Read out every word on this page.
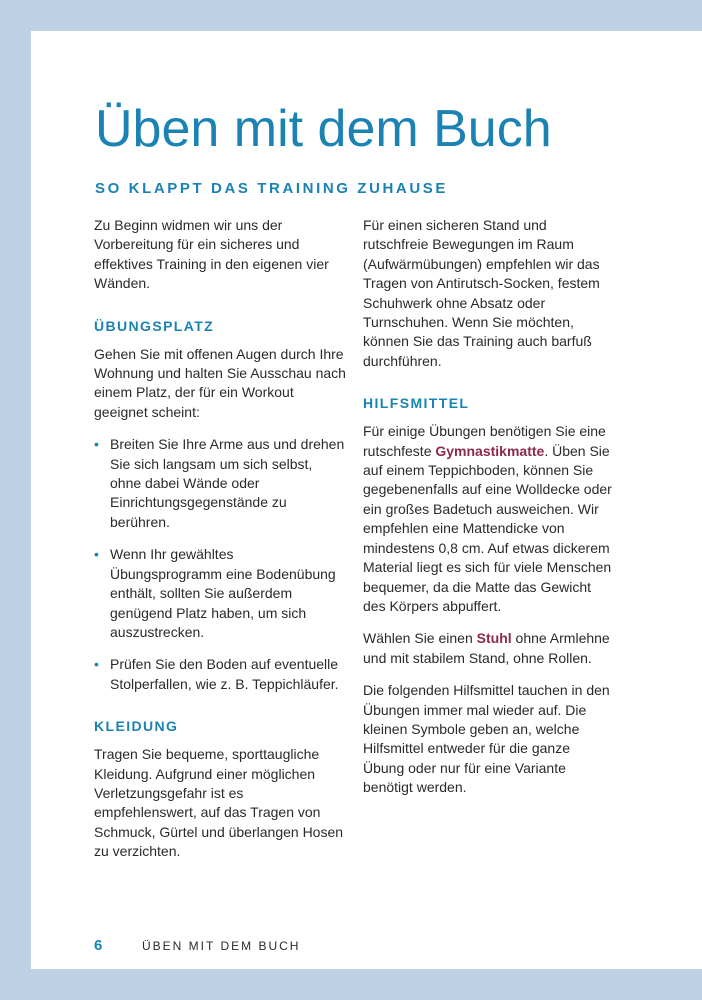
Üben mit dem Buch
SO KLAPPT DAS TRAINING ZUHAUSE

Zu Beginn widmen wir uns der Vorbereitung für ein sicheres und effektives Training in den eigenen vier Wänden.

ÜBUNGSPLATZ

Gehen Sie mit offenen Augen durch Ihre Wohnung und halten Sie Ausschau nach einem Platz, der für ein Workout geeignet scheint:

• Breiten Sie Ihre Arme aus und drehen Sie sich langsam um sich selbst, ohne dabei Wände oder Einrichtungsgegenstände zu berühren.
• Wenn Ihr gewähltes Übungsprogramm eine Bodenübung enthält, sollten Sie außerdem genügend Platz haben, um sich auszustrecken.
• Prüfen Sie den Boden auf eventuelle Stolperfallen, wie z. B. Teppichläufer.
KLEIDUNG

Tragen Sie bequeme, sporttaugliche Kleidung. Aufgrund einer möglichen Verletzungsgefahr ist es empfehlenswert, auf das Tragen von Schmuck, Gürtel und überlangen Hosen zu verzichten.

Für einen sicheren Stand und rutschfreie Bewegungen im Raum (Aufwärmübungen) empfehlen wir das Tragen von Antirutsch-Socken, festem Schuhwerk ohne Absatz oder Turnschuhen. Wenn Sie möchten, können Sie das Training auch barfuß durchführen.

HILFSMITTEL

Für einige Übungen benötigen Sie eine rutschfeste Gymnastikmatte. Üben Sie auf einem Teppichboden, können Sie gegebenenfalls auf eine Wolldecke oder ein großes Badetuch ausweichen. Wir empfehlen eine Mattendicke von mindestens 0,8 cm. Auf etwas dickerem Material liegt es sich für viele Menschen bequemer, da die Matte das Gewicht des Körpers abpuffert.

Wählen Sie einen Stuhl ohne Armlehne und mit stabilem Stand, ohne Rollen.

Die folgenden Hilfsmittel tauchen in den Übungen immer mal wieder auf. Die kleinen Symbole geben an, welche Hilfsmittel entweder für die ganze Übung oder nur für eine Variante benötigt werden.

6	ÜBEN MIT DEM BUCH
